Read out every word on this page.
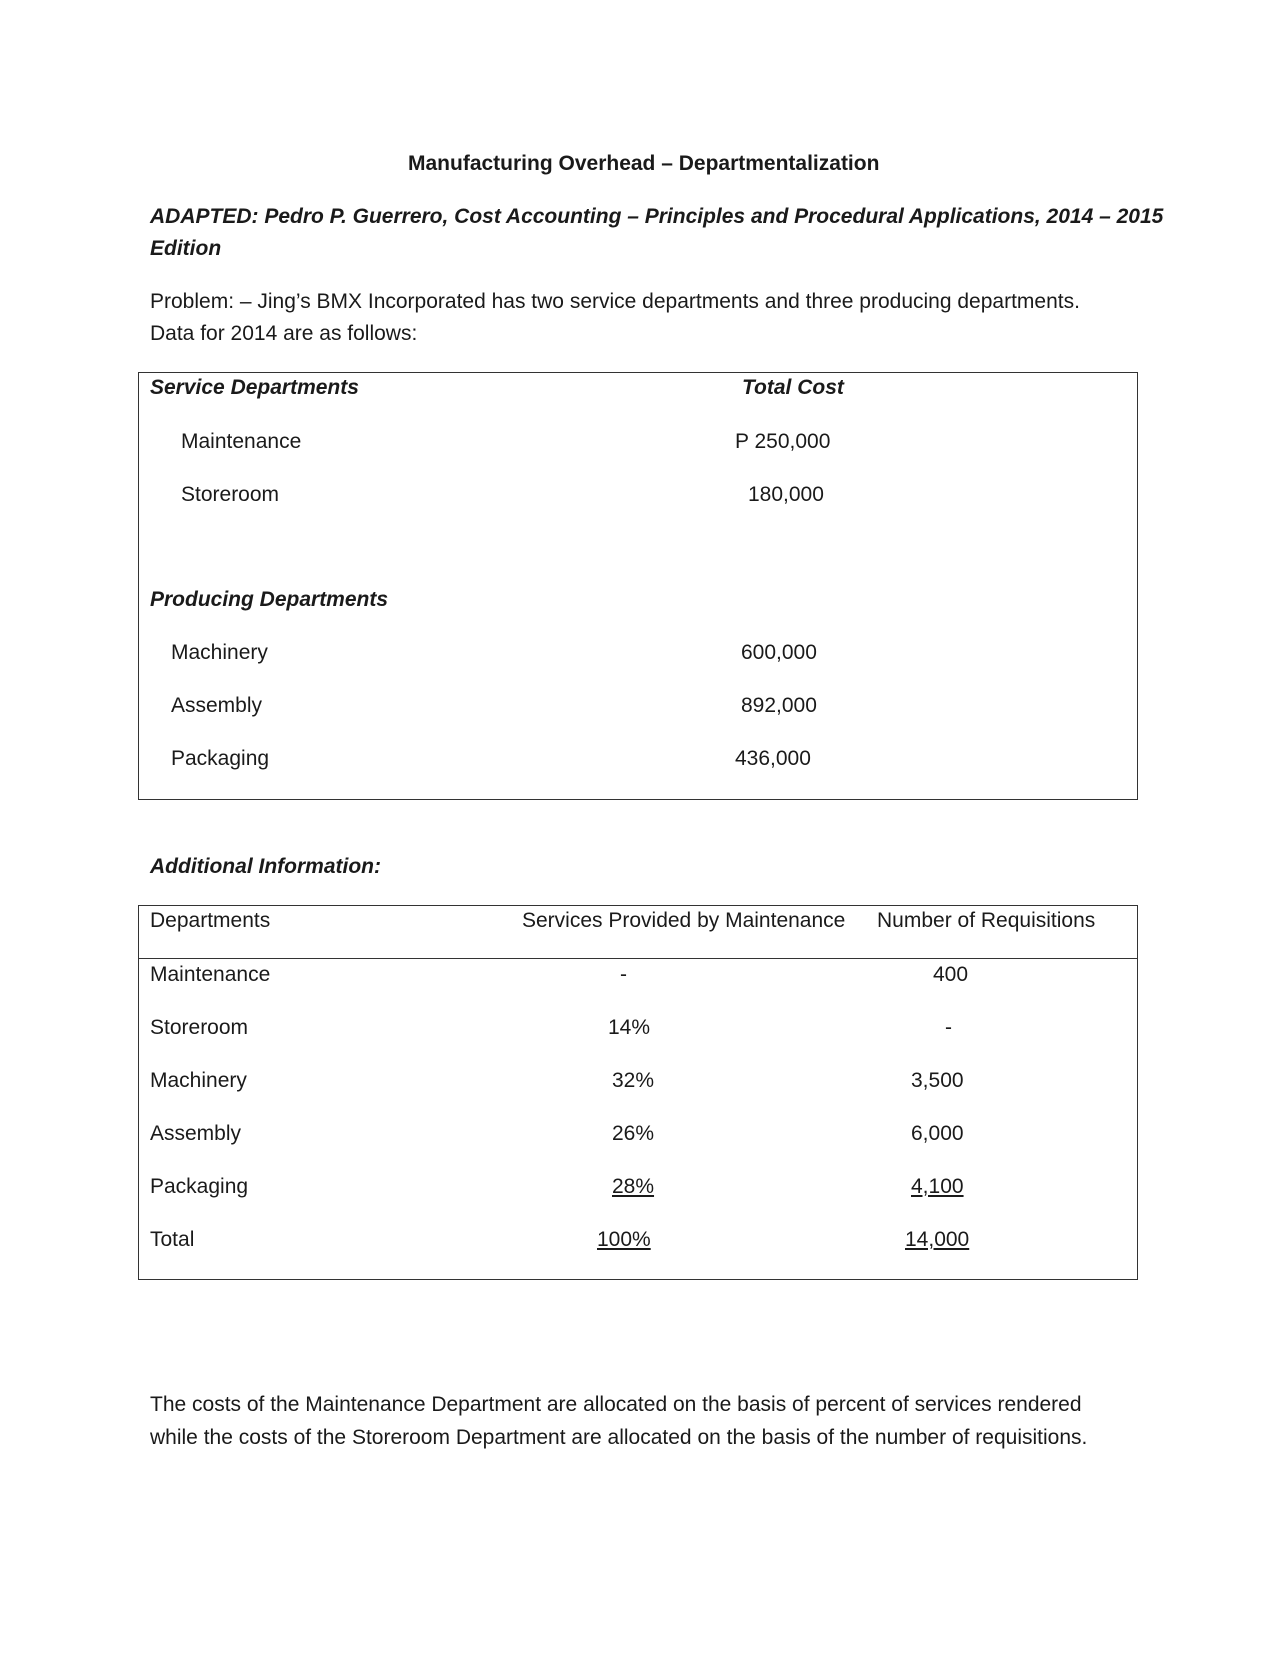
Manufacturing Overhead – Departmentalization
ADAPTED: Pedro P. Guerrero, Cost Accounting – Principles and Procedural Applications, 2014 – 2015
Edition
Problem: – Jing’s BMX Incorporated has two service departments and three producing departments.
Data for 2014 are as follows:
Service Departments	Total Cost
Maintenance	P 250,000
Storeroom	180,000
Producing Departments
Machinery	600,000
Assembly	892,000
Packaging	436,000
Additional Information:
Departments	Services Provided by Maintenance Number of Requisitions
Maintenance	-	400
Storeroom	14%	-
Machinery	32%	3,500
Assembly	26%	6,000
Packaging	28%	4,100
Total	100%	14,000
The costs of the Maintenance Department are allocated on the basis of percent of services rendered
while the costs of the Storeroom Department are allocated on the basis of the number of requisitions.
